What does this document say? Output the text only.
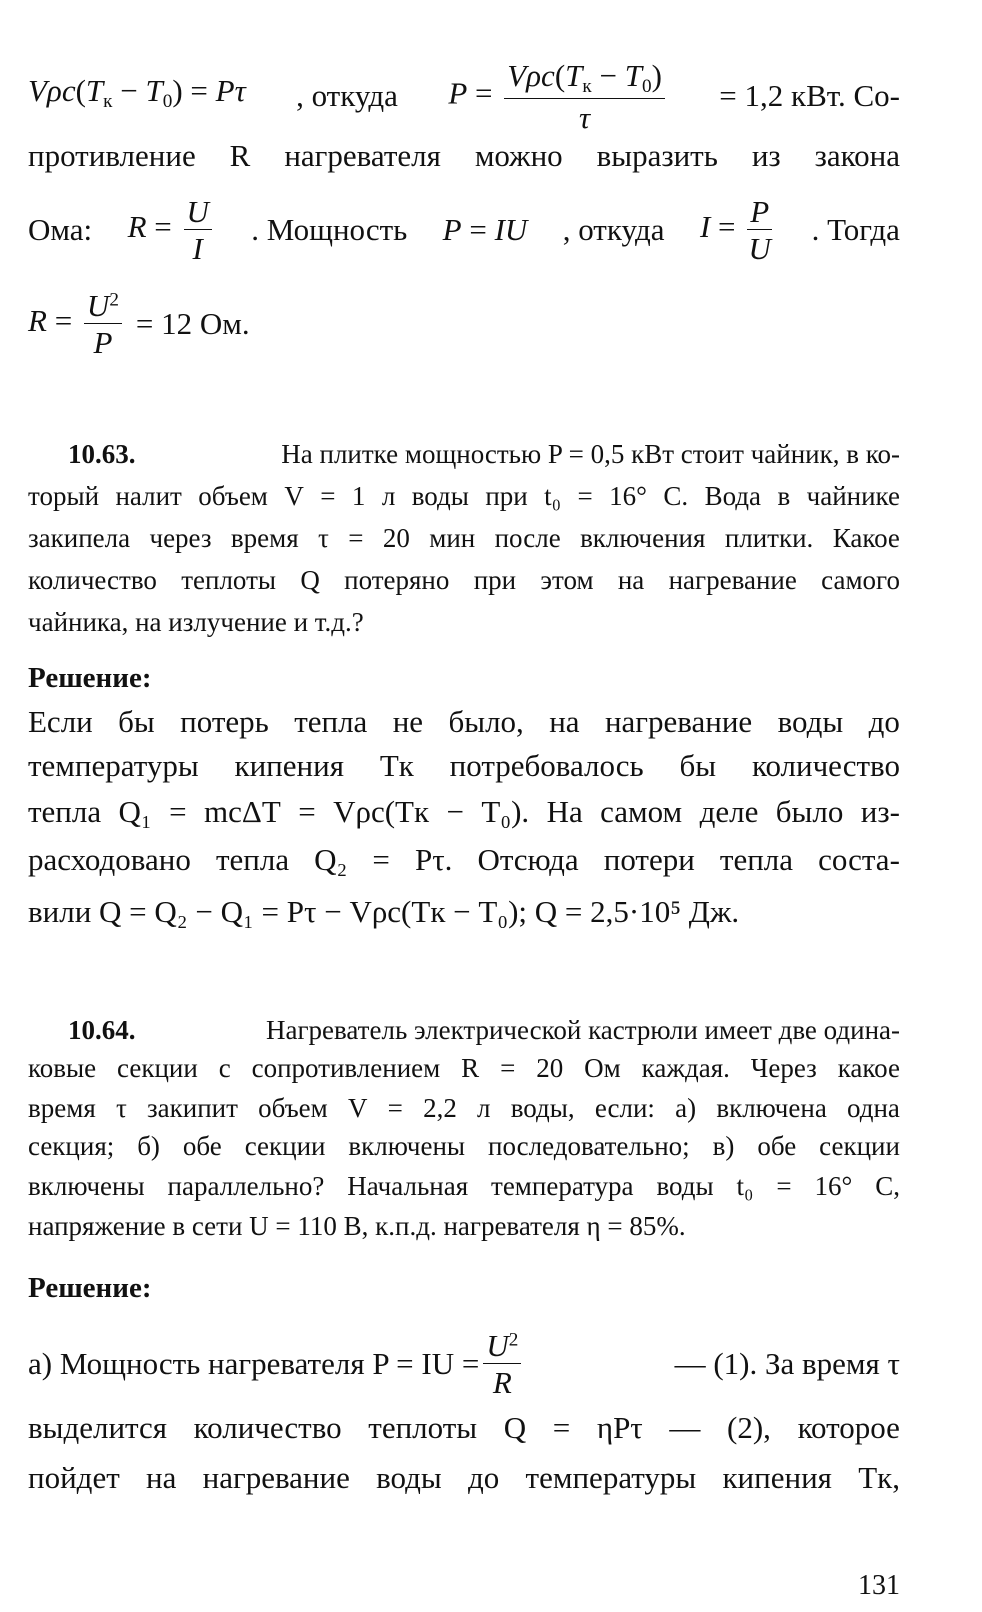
$V\rho c(T_к - T_0) = P\tau$ , откуда $P = \frac{V\rho c(T_к - T_0)}{\tau} = 1,2$ кВт. Со-
противление R нагревателя можно выразить из закона
Ома: $R = \frac{U}{I}$ . Мощность P = IU , откуда $I = \frac{P}{U}$ . Тогда
$R = \frac{U^2}{P} = 12$ Ом.
10.63.	На плитке мощностью P = 0,5 кВт стоит чайник, в ко-
торый налит объем V = 1 л воды при t₀ = 16° С. Вода в чайнике
закипела через время τ = 20 мин после включения плитки. Какое
количество теплоты Q потеряно при этом на нагревание самого
чайника, на излучение и т.д.?
Решение:
Если бы потерь тепла не было, на нагревание воды до
температуры кипения Tк потребовалось бы количество
тепла Q₁ = mcΔT = Vρc(Tк − T₀). На самом деле было из-
расходовано тепла Q₂ = Pτ. Отсюда потери тепла соста-
вили Q = Q₂ − Q₁ = Pτ − Vρc(Tк − T₀); Q = 2,5·10⁵ Дж.
10.64.	Нагреватель электрической кастрюли имеет две одина-
ковые секции с сопротивлением R = 20 Ом каждая. Через какое
время τ закипит объем V = 2,2 л воды, если: а) включена одна
секция; б) обе секции включены последовательно; в) обе секции
включены параллельно? Начальная температура воды t₀ = 16° С,
напряжение в сети U = 110 В, к.п.д. нагревателя η = 85%.
Решение:
а) Мощность нагревателя P = IU = $\frac{U^2}{R}$	— (1). За время τ
выделится количество теплоты Q = ηPτ — (2), которое
пойдет на нагревание воды до температуры кипения Tк,
131
